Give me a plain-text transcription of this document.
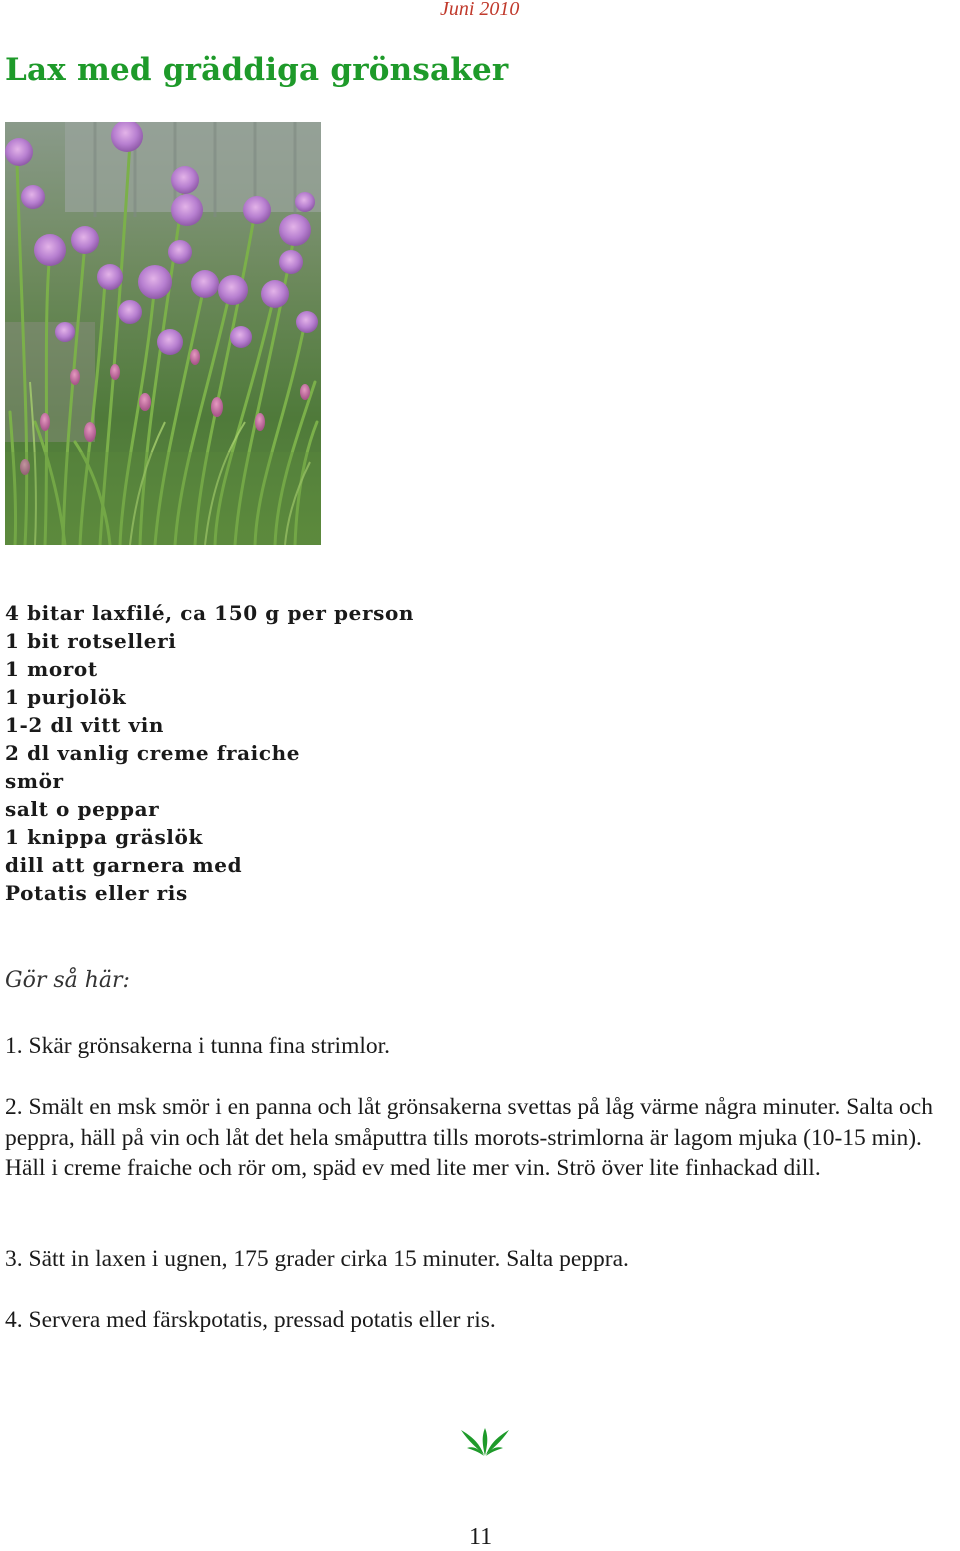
Juni 2010
Lax med gräddiga grönsaker
4 bitar laxfilé, ca 150 g per person
1 bit rotselleri
1 morot
1 purjolök
1-2 dl vitt vin
2 dl vanlig creme fraiche
smör
salt o peppar
1 knippa gräslök
dill att garnera med
Potatis eller ris
Gör så här:

1. Skär grönsakerna i tunna fina strimlor.

2. Smält en msk smör i en panna och låt grönsakerna svettas på låg värme några minuter. Salta och peppra, häll på vin och låt det hela småputtra tills morots-strimlorna är lagom mjuka (10-15 min). Häll i creme fraiche och rör om, späd ev med lite mer vin. Strö över lite finhackad dill.

3. Sätt in laxen i ugnen, 175 grader cirka 15 minuter. Salta peppra.

4. Servera med färskpotatis, pressad potatis eller ris.

11
